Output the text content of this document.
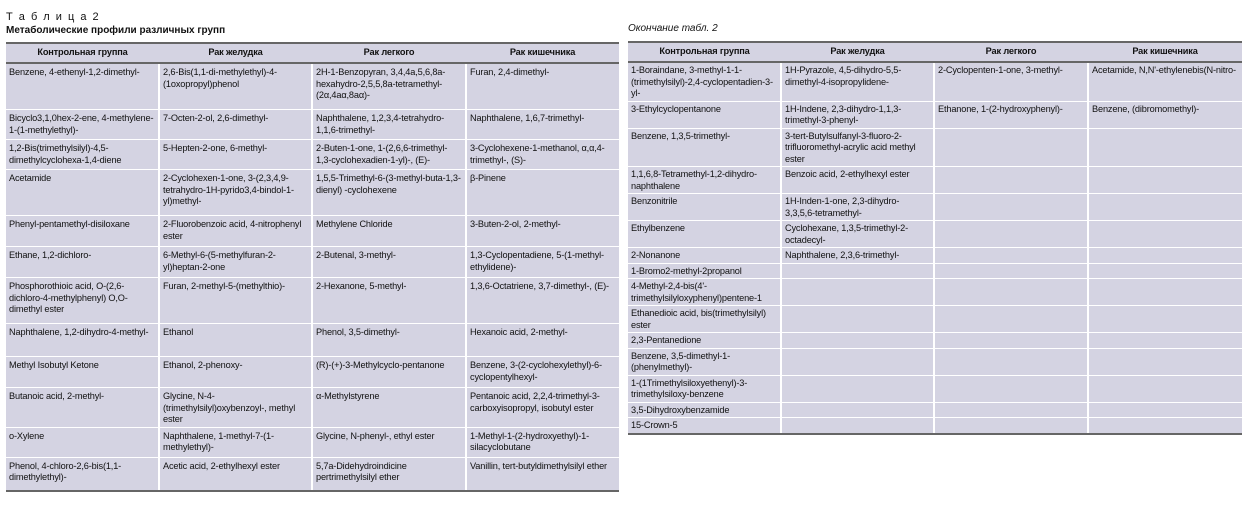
Т а б л и ц а 2
Метаболические профили различных групп
Контрольная группа	Рак желудка	Рак легкого	Рак кишечника
Benzene, 4-ethenyl-1,2-dimethyl-	2,6-Bis(1,1-di-methylethyl)-4-(1oxopropyl)phenol	2H-1-Benzopyran, 3,4,4a,5,6,8a-hexahydro-2,5,5,8a-tetramethyl-(2α,4aα,8aα)-	Furan, 2,4-dimethyl-
Bicyclo3,1,0hex-2-ene, 4-methylene-1-(1-methylethyl)-	7-Octen-2-ol, 2,6-dimethyl-	Naphthalene, 1,2,3,4-tetrahydro-1,1,6-trimethyl-	Naphthalene, 1,6,7-trimethyl-
1,2-Bis(trimethylsilyl)-4,5-dimethylcyclohexa-1,4-diene	5-Hepten-2-one, 6-methyl-	2-Buten-1-one, 1-(2,6,6-trimethyl-1,3-cyclohexadien-1-yl)-, (E)-	3-Cyclohexene-1-methanol, α,α,4-trimethyl-, (S)-
Acetamide	2-Cyclohexen-1-one, 3-(2,3,4,9-tetrahydro-1H-pyrido3,4-bindol-1-yl)methyl-	1,5,5-Trimethyl-6-(3-methyl-buta-1,3-dienyl) -cyclohexene	β-Pinene
Phenyl-pentamethyl-disiloxane	2-Fluorobenzoic acid, 4-nitrophenyl ester	Methylene Chloride	3-Buten-2-ol, 2-methyl-
Ethane, 1,2-dichloro-	6-Methyl-6-(5-methylfuran-2-yl)heptan-2-one	2-Butenal, 3-methyl-	1,3-Cyclopentadiene, 5-(1-methyl-ethylidene)-
Phosphorothioic acid, O-(2,6-dichloro-4-methylphenyl) O,O-dimethyl ester	Furan, 2-methyl-5-(methylthio)-	2-Hexanone, 5-methyl-	1,3,6-Octatriene, 3,7-dimethyl-, (E)-
Naphthalene, 1,2-dihydro-4-methyl-	Ethanol	Phenol, 3,5-dimethyl-	Hexanoic acid, 2-methyl-
Methyl Isobutyl Ketone	Ethanol, 2-phenoxy-	(R)-(+)-3-Methylcyclo-pentanone	Benzene, 3-(2-cyclohexylethyl)-6-cyclopentylhexyl-
Butanoic acid, 2-methyl-	Glycine, N-4-(trimethylsilyl)oxybenzoyl-, methyl ester	α-Methylstyrene	Pentanoic acid, 2,2,4-trimethyl-3-carboxyisopropyl, isobutyl ester
o-Xylene	Naphthalene, 1-methyl-7-(1-methylethyl)-	Glycine, N-phenyl-, ethyl ester	1-Methyl-1-(2-hydroxyethyl)-1-silacyclobutane
Phenol, 4-chloro-2,6-bis(1,1-dimethylethyl)-	Acetic acid, 2-ethylhexyl ester	5,7a-Didehydroindicine pertrimethylsilyl ether	Vanillin, tert-butyldimethylsilyl ether
Окончание табл. 2
Контрольная группа	Рак желудка	Рак легкого	Рак кишечника
1-Boraindane, 3-methyl-1-1-(trimethylsilyl)-2,4-cyclopentadien-3-yl-	1H-Pyrazole, 4,5-dihydro-5,5-dimethyl-4-isopropylidene-	2-Cyclopenten-1-one, 3-methyl-	Acetamide, N,N'-ethylenebis(N-nitro-
3-Ethylcyclopentanone	1H-Indene, 2,3-dihydro-1,1,3-trimethyl-3-phenyl-	Ethanone, 1-(2-hydroxyphenyl)-	Benzene, (dibromomethyl)-
Benzene, 1,3,5-trimethyl-	3-tert-Butylsulfanyl-3-fluoro-2-trifluoromethyl-acrylic acid methyl ester		
1,1,6,8-Tetramethyl-1,2-dihydro-naphthalene	Benzoic acid, 2-ethylhexyl ester		
Benzonitrile	1H-Inden-1-one, 2,3-dihydro-3,3,5,6-tetramethyl-		
Ethylbenzene	Cyclohexane, 1,3,5-trimethyl-2-octadecyl-		
2-Nonanone	Naphthalene, 2,3,6-trimethyl-		
1-Bromo2-methyl-2propanol			
4-Methyl-2,4-bis(4'-trimethylsilyloxyphenyl)pentene-1			
Ethanedioic acid, bis(trimethylsilyl) ester			
2,3-Pentanedione			
Benzene, 3,5-dimethyl-1-(phenylmethyl)-			
1-(1Trimethylsiloxyethenyl)-3-trimethylsiloxy-benzene			
3,5-Dihydroxybenzamide			
15-Crown-5			
